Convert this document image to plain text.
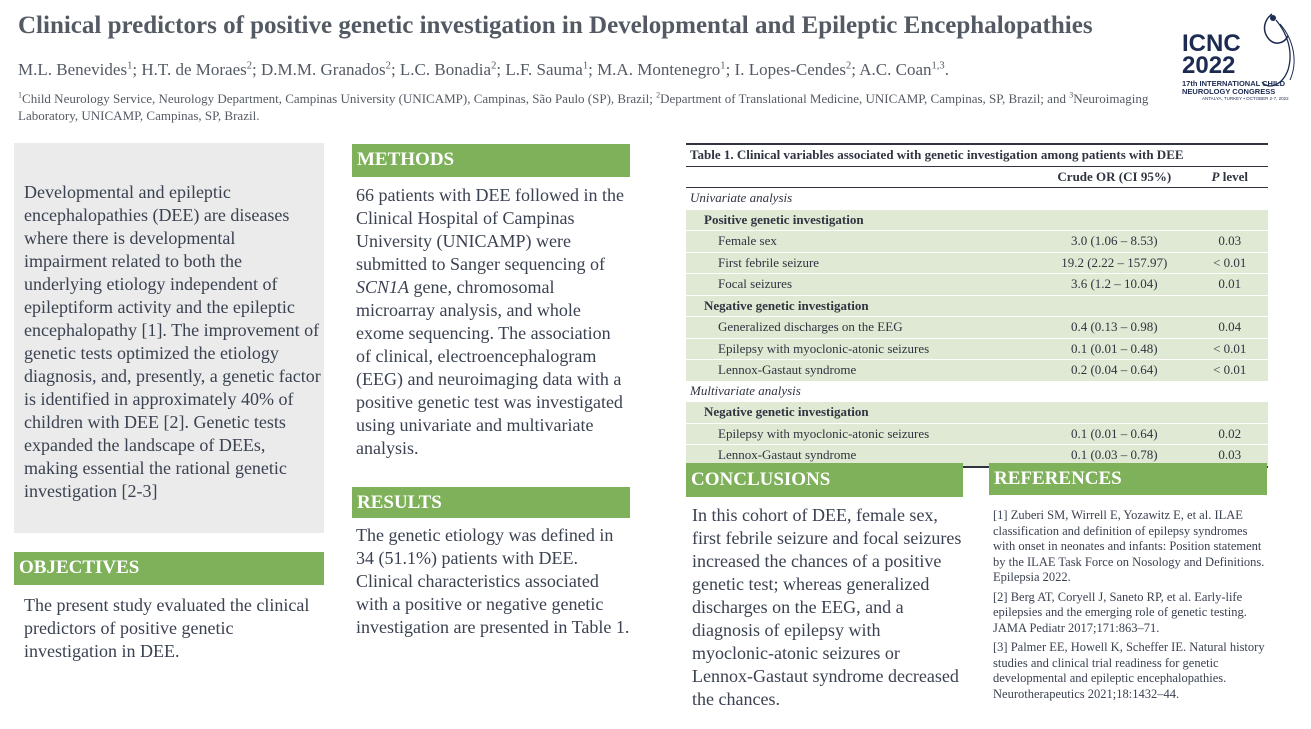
Clinical predictors of positive genetic investigation in Developmental and Epileptic Encephalopathies
M.L. Benevides$^1$; H.T. de Moraes$^2$; D.M.M. Granados$^2$; L.C. Bonadia$^2$; L.F. Sauma$^1$; M.A. Montenegro$^1$; I. Lopes-Cendes$^2$; A.C. Coan$^{1,3}$.
$^1$Child Neurology Service, Neurology Department, Campinas University (UNICAMP), Campinas, São Paulo (SP), Brazil; $^2$Department of Translational Medicine, UNICAMP, Campinas, SP, Brazil; and $^3$Neuroimaging Laboratory, UNICAMP, Campinas, SP, Brazil.
ICNC
2022
17th INTERNATIONAL CHILD
NEUROLOGY CONGRESS
ANTALYA, TURKEY • OCTOBER 2-7, 2022
Developmental and epileptic encephalopathies (DEE) are diseases where there is developmental impairment related to both the underlying etiology independent of epileptiform activity and the epileptic encephalopathy [1]. The improvement of genetic tests optimized the etiology diagnosis, and, presently, a genetic factor is identified in approximately 40% of children with DEE [2]. Genetic tests expanded the landscape of DEEs, making essential the rational genetic investigation [2-3]
OBJECTIVES
The present study evaluated the clinical predictors of positive genetic investigation in DEE.
METHODS
66 patients with DEE followed in the Clinical Hospital of Campinas University (UNICAMP) were submitted to Sanger sequencing of SCN1A gene, chromosomal microarray analysis, and whole exome sequencing. The association of clinical, electroencephalogram (EEG) and neuroimaging data with a positive genetic test was investigated using univariate and multivariate analysis.
RESULTS
The genetic etiology was defined in 34 (51.1%) patients with DEE. Clinical characteristics associated with a positive or negative genetic investigation are presented in Table 1.
Table 1. Clinical variables associated with genetic investigation among patients with DEE		
	Crude OR (CI 95%)	P level
Univariate analysis		
Positive genetic investigation		
Female sex	3.0 (1.06 – 8.53)	0.03
First febrile seizure	19.2 (2.22 – 157.97)	< 0.01
Focal seizures	3.6 (1.2 – 10.04)	0.01
Negative genetic investigation		
Generalized discharges on the EEG	0.4 (0.13 – 0.98)	0.04
Epilepsy with myoclonic-atonic seizures	0.1 (0.01 – 0.48)	< 0.01
Lennox-Gastaut syndrome	0.2 (0.04 – 0.64)	< 0.01
Multivariate analysis		
Negative genetic investigation		
Epilepsy with myoclonic-atonic seizures	0.1 (0.01 – 0.64)	0.02
Lennox-Gastaut syndrome	0.1 (0.03 – 0.78)	0.03
CONCLUSIONS
In this cohort of DEE, female sex, first febrile seizure and focal seizures increased the chances of a positive genetic test; whereas generalized discharges on the EEG, and a diagnosis of epilepsy with myoclonic-atonic seizures or Lennox-Gastaut syndrome decreased the chances.
REFERENCES

[1] Zuberi SM, Wirrell E, Yozawitz E, et al. ILAE classification and definition of epilepsy syndromes with onset in neonates and infants: Position statement by the ILAE Task Force on Nosology and Definitions. Epilepsia 2022.

[2] Berg AT, Coryell J, Saneto RP, et al. Early-life epilepsies and the emerging role of genetic testing. JAMA Pediatr 2017;171:863–71.

[3] Palmer EE, Howell K, Scheffer IE. Natural history studies and clinical trial readiness for genetic developmental and epileptic encephalopathies. Neurotherapeutics 2021;18:1432–44.
